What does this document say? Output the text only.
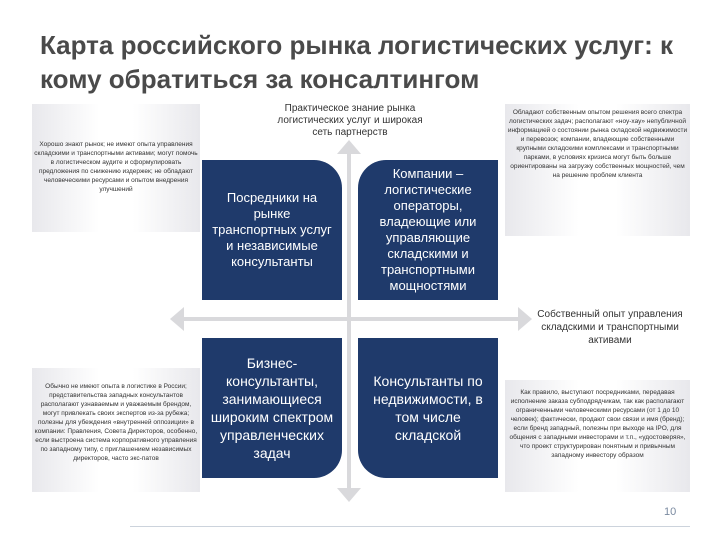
Карта российского рынка логистических услуг: к кому обратиться за консалтингом
Практическое знание рынка логистических услуг и широкая сеть партнерств
Собственный опыт управления складскими и транспортными активами
Посредники на рынке транспортных услуг и независимые консультанты
Компании – логистические операторы, владеющие или управляющие складскими и транспортными мощностями
Бизнес-консультанты, занимающиеся широким спектром управленческих задач
Консультанты по недвижимости, в том числе складской
Хорошо знают рынок; не имеют опыта управления складскими и транспортными активами; могут помочь в логистическом аудите и сформулировать предложения по снижению издержек; не обладают человеческими ресурсами и опытом внедрения улучшений
Обладают собственным опытом решения всего спектра логистических задач; располагают «ноу-хау» непубличной информацией о состоянии рынка складской недвижимости и перевозок; компании, владеющие собственными крупными складскими комплексами и транспортными парками, в условиях кризиса могут быть больше ориентированы на загрузку собственных мощностей, чем на решение проблем клиента
Обычно не имеют опыта в логистике в России; представительства западных консультантов располагают узнаваемым и уважаемым брендом, могут привлекать своих экспертов из-за рубежа; полезны для убеждения «внутренней оппозиции» в компании: Правления, Совета Директоров, особенно, если выстроена система корпоративного управления по западному типу, с приглашением независимых директоров, часто экс-патов
Как правило, выступают посредниками, передавая исполнение заказа субподрядчикам, так как располагают ограниченными человеческими ресурсами (от 1 до 10 человек); фактически, продают свои связи и имя (бренд); если бренд западный, полезны при выходе на IPO, для общения с западными инвесторами и т.п., «удостоверяя», что проект структурирован понятным и привычным западному инвестору образом
10
